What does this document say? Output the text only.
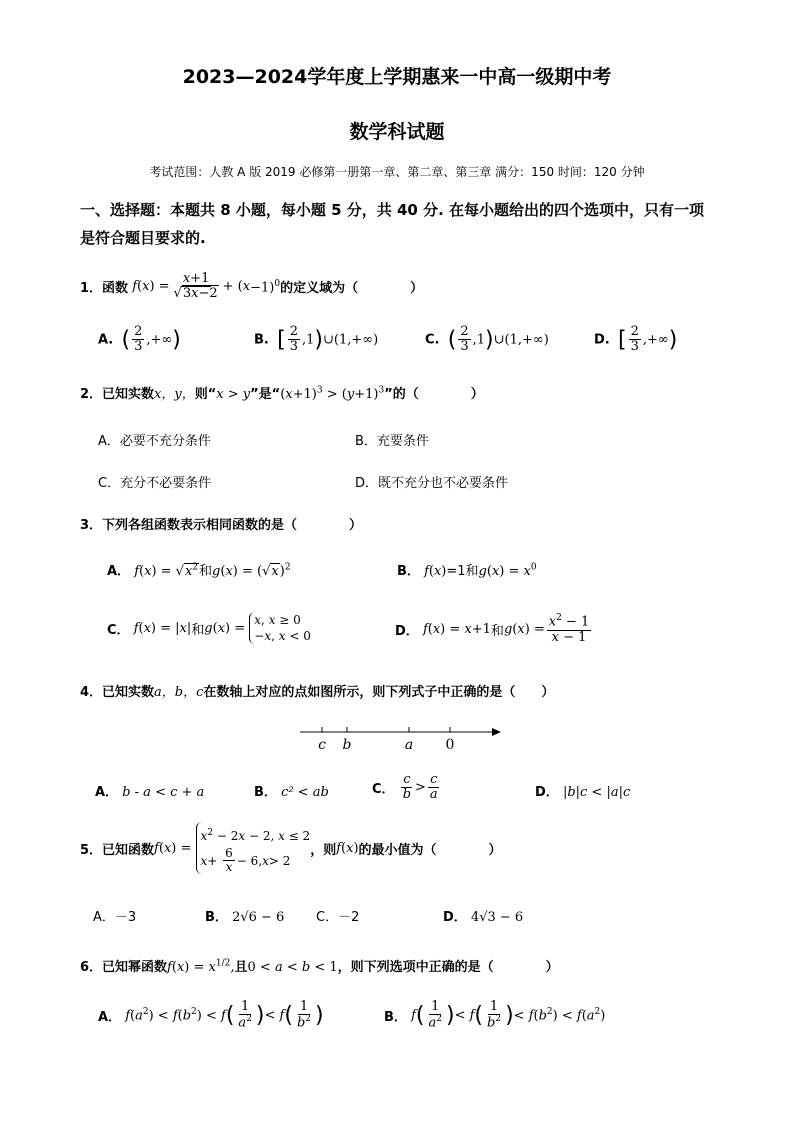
2023—2024学年度上学期惠来一中高一级期中考
数学科试题
考试范围：人教 A 版 2019 必修第一册第一章、第二章、第三章 满分：150 时间：120 分钟
一、选择题：本题共 8 小题，每小题 5 分，共 40 分. 在每小题给出的四个选项中，只有一项
是符合题目要求的.
1． 函数 f ( x ) = $\frac{x+1}{√3x-2}$ + ( x −1)$^0$ 的定义域为（　　　　）
A. ( $\frac{2}{3}$ ,+∞)	B. [ $\frac{2}{3}$ ,1)∪(1,+∞)	C. ( $\frac{2}{3}$ ,1)∪(1,+∞)	D. [ $\frac{2}{3}$ ,+∞)
2．已知实数x，y，则“x > y”是“$(x+1)^3 > (y+1)^3$”的（　　　　）
A．必要不充分条件	B．充要条件
C．充分不必要条件	D．既不充分也不必要条件
3．下列各组函数表示相同函数的是（　　　　）
A． $f(x) = √x^2$和$g(x) = (√x)^2$	B． f(x)=1和$g(x) = x^0$
C．
f(x) = |x| 和 g(x) =
x, x ≥ 0
−x, x < 0	D．
f(x) = x+1 和 $g(x) = \frac{x^2 - 1}{x - 1}$
4．已知实数a，b，c在数轴上对应的点如图所示，则下列式子中正确的是（　　）
c b	a 0
A． b - a < c + a	B． c² < ab	C．
$\frac{c}{b} > \frac{c}{a}$	D． |b|c < |a|c
5．已知函数 f(x) =
$x^2 - 2x - 2$, x ≤ 2
$x + \frac{6}{x} - 6$, x > 2
，则 f(x) 的最小值为（　　　　）
A．－3	B． 2√6 − 6 C．－2	D． 4√3 − 6
6．已知幂函数$f(x) = x^{1/2}$,且0 < a < b < 1，则下列选项中正确的是（　　　　）
A．
$f(a^2) < f(b^2) < f$ ( $\frac{1}{a^2}$ ) < f ( $\frac{1}{b^2}$ )	B．
f ( $\frac{1}{a^2}$ ) < f ( $\frac{1}{b^2}$ ) < $f(b^2) < f(a^2)$
